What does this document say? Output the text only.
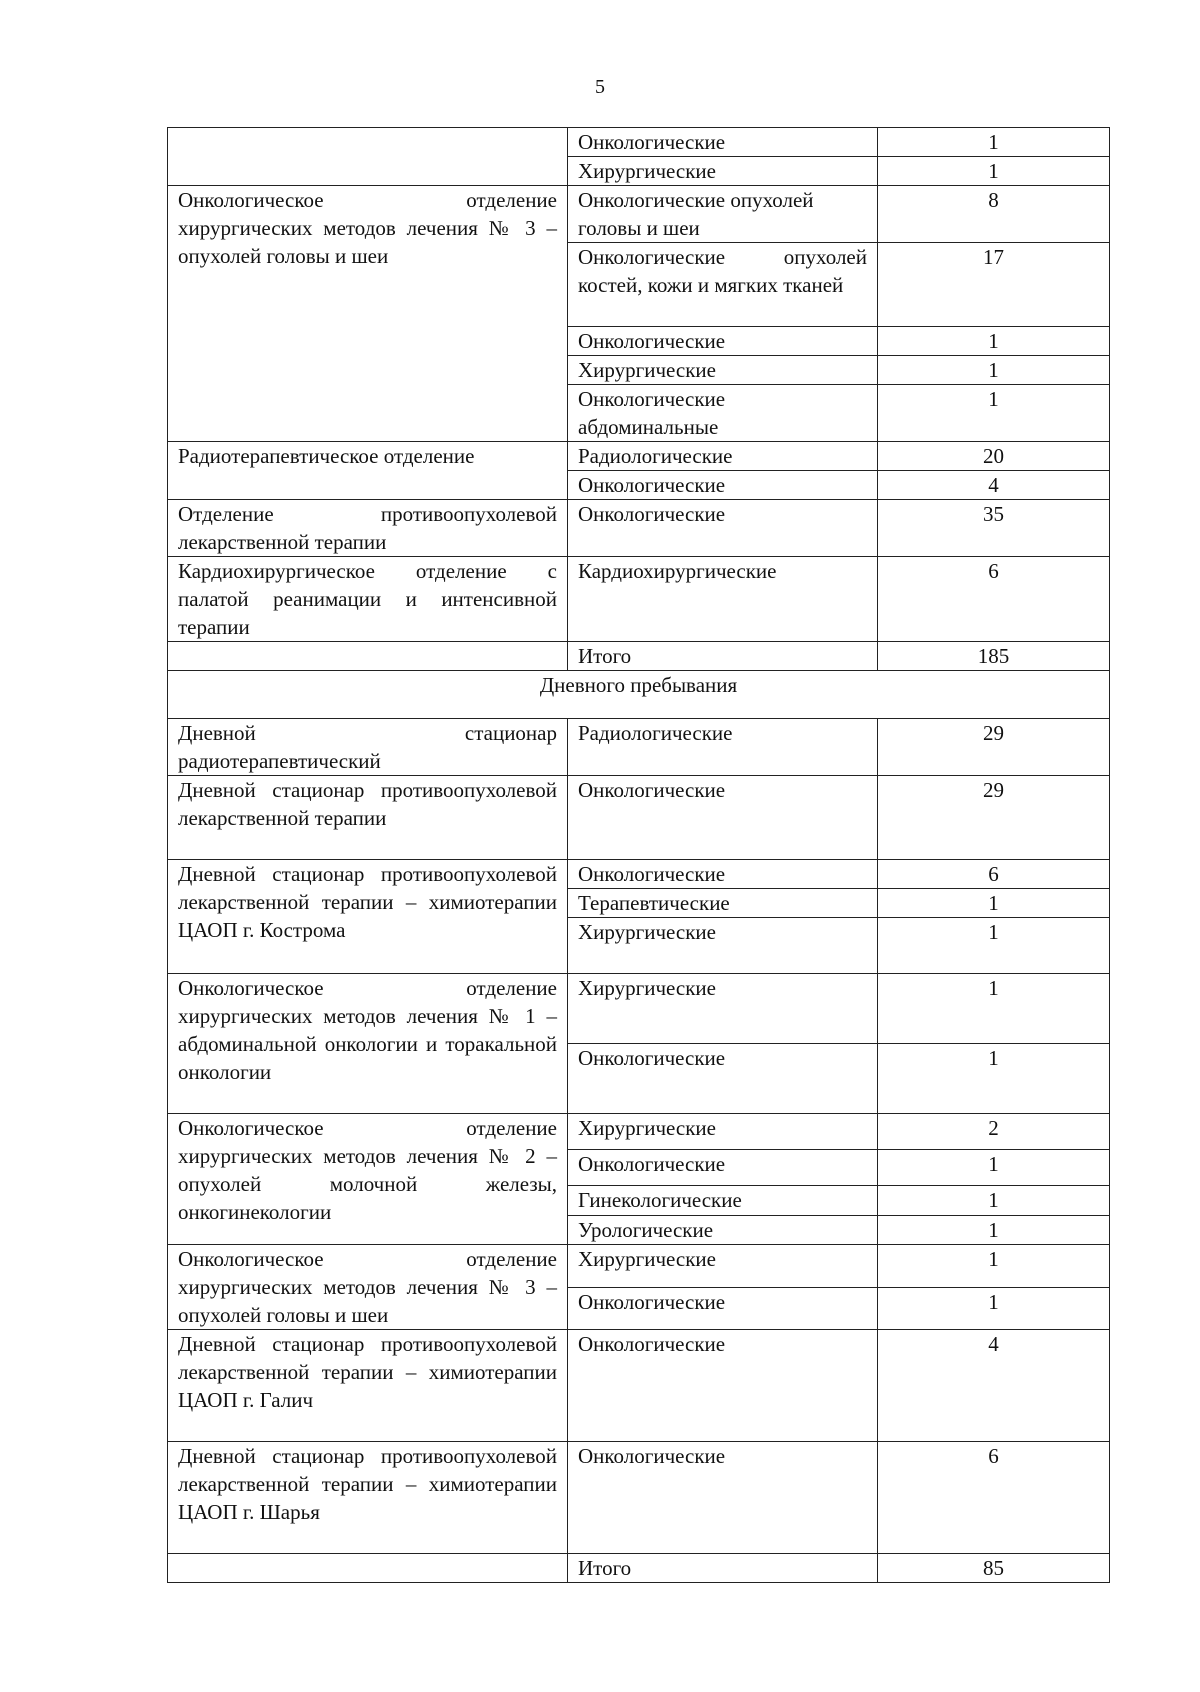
5
	Онкологические	1
	Хирургические	1
Онкологическое отделение хирургических методов лечения № 3 – опухолей головы и шеи	Онкологические опухолей головы и шеи	8
	Онкологические опухолей костей, кожи и мягких тканей	17
	Онкологические	1
	Хирургические	1
	Онкологические абдоминальные	1
Радиотерапевтическое отделение	Радиологические	20
	Онкологические	4
Отделение противоопухолевой лекарственной терапии	Онкологические	35
Кардиохирургическое отделение с палатой реанимации и интенсивной терапии	Кардиохирургические	6
	Итого	185
Дневного пребывания		
Дневной стационар радиотерапевтический	Радиологические	29
Дневной стационар противоопухолевой лекарственной терапии	Онкологические	29
Дневной стационар противоопухолевой лекарственной терапии – химиотерапии ЦАОП г. Кострома	Онкологические	6
	Терапевтические	1
	Хирургические	1
Онкологическое отделение хирургических методов лечения № 1 – абдоминальной онкологии и торакальной онкологии	Хирургические	1
	Онкологические	1
Онкологическое отделение хирургических методов лечения № 2 – опухолей молочной железы, онкогинекологии	Хирургические	2
	Онкологические	1
	Гинекологические	1
	Урологические	1
Онкологическое отделение хирургических методов лечения № 3 – опухолей головы и шеи	Хирургические	1
	Онкологические	1
Дневной стационар противоопухолевой лекарственной терапии – химиотерапии ЦАОП г. Галич	Онкологические	4
Дневной стационар противоопухолевой лекарственной терапии – химиотерапии ЦАОП г. Шарья	Онкологические	6
	Итого	85
